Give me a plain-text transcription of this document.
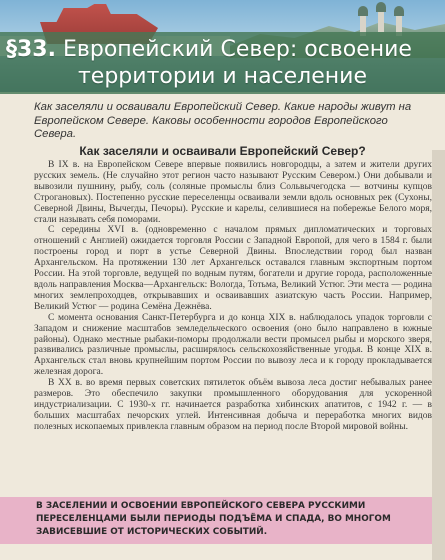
§33. Европейский Север: освоение
территории и население
Как заселяли и осваивали Европейский Север. Какие народы живут на Европейском Севере. Каковы особенности городов Европейского Севера.
Как заселяли и осваивали Европейский Север?

В IX в. на Европейском Севере впервые появились новгородцы, а затем и жители других русских земель. (Не случайно этот регион часто называют Русским Севером.) Они добывали и вывозили пушнину, рыбу, соль (соляные промыслы близ Сольвычегодска — вотчины купцов Строгановых). Постепенно русские переселенцы осваивали земли вдоль основных рек (Сухоны, Северной Двины, Вычегды, Печоры). Русские и карелы, селившиеся на побережье Белого моря, стали называть себя поморами.

С середины XVI в. (одновременно с началом прямых дипломатических и торговых отношений с Англией) ожидается торговля России с Западной Европой, для чего в 1584 г. были построены город и порт в устье Северной Двины. Впоследствии город был назван Архангельском. На протяжении 130 лет Архангельск оставался главным экспортным портом России. На этой торговле, ведущей по водным путям, богатели и другие города, расположенные вдоль направления Москва—Архангельск: Вологда, Тотьма, Великий Устюг. Эти места — родина многих землепроходцев, открывавших и осваивавших азиатскую часть России. Например, Великий Устюг — родина Семёна Дежнёва.

С момента основания Санкт-Петербурга и до конца XIX в. наблюдалось упадок торговли с Западом и снижение масштабов земледельческого освоения (оно было направлено в южные районы). Однако местные рыбаки-поморы продолжали вести промысел рыбы и морского зверя, развивались различные промыслы, расширялось сельскохозяйственные угодья. В конце XIX в. Архангельск стал вновь крупнейшим портом России по вывозу леса и к городу прокладывается железная дорога.

В XX в. во время первых советских пятилеток объём вывоза леса достиг небывалых ранее размеров. Это обеспечило закупки промышленного оборудования для ускоренной индустриализации. С 1930-х гг. начинается разработка хибинских апатитов, с 1942 г. — в больших масштабах печорских углей. Интенсивная добыча и переработка многих видов полезных ископаемых привлекла главным образом на период после Второй мировой войны.

В ЗАСЕЛЕНИИ И ОСВОЕНИИ ЕВРОПЕЙСКОГО СЕВЕРА РУССКИМИ ПЕРЕСЕЛЕНЦАМИ БЫЛИ ПЕРИОДЫ ПОДЪЁМА И СПАДА, ВО МНОГОМ ЗАВИСЕВШИЕ ОТ ИСТОРИЧЕСКИХ СОБЫТИЙ.
